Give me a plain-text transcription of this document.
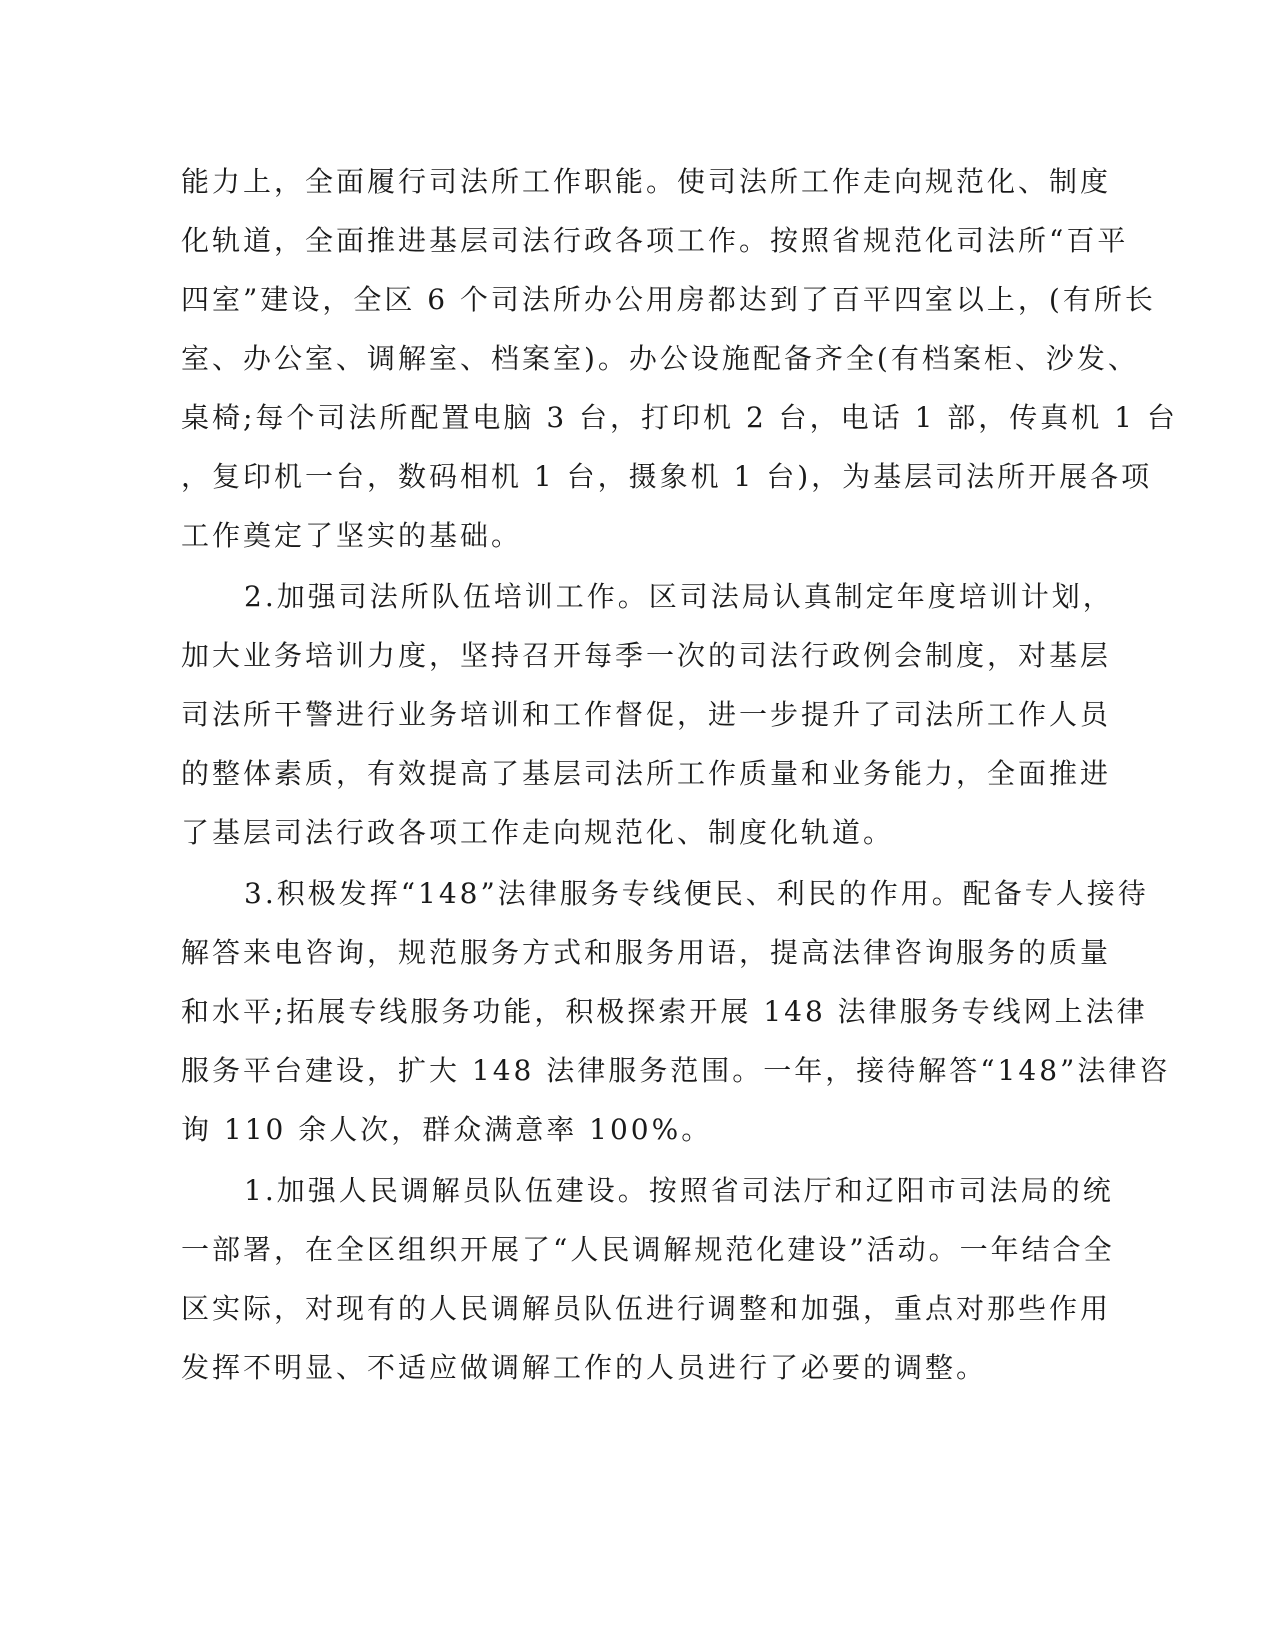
能力上，全面履行司法所工作职能。使司法所工作走向规范化、制度

化轨道，全面推进基层司法行政各项工作。按照省规范化司法所“百平

四室”建设，全区 6 个司法所办公用房都达到了百平四室以上，(有所长

室、办公室、调解室、档案室)。办公设施配备齐全(有档案柜、沙发、

桌椅;每个司法所配置电脑 3 台，打印机 2 台，电话 1 部，传真机 1 台

，复印机一台，数码相机 1 台，摄象机 1 台)，为基层司法所开展各项

工作奠定了坚实的基础。

2.加强司法所队伍培训工作。区司法局认真制定年度培训计划，

加大业务培训力度，坚持召开每季一次的司法行政例会制度，对基层

司法所干警进行业务培训和工作督促，进一步提升了司法所工作人员

的整体素质，有效提高了基层司法所工作质量和业务能力，全面推进

了基层司法行政各项工作走向规范化、制度化轨道。

3.积极发挥“148”法律服务专线便民、利民的作用。配备专人接待

解答来电咨询，规范服务方式和服务用语，提高法律咨询服务的质量

和水平;拓展专线服务功能，积极探索开展 148 法律服务专线网上法律

服务平台建设，扩大 148 法律服务范围。一年，接待解答“148”法律咨

询 110 余人次，群众满意率 100%。

1.加强人民调解员队伍建设。按照省司法厅和辽阳市司法局的统

一部署，在全区组织开展了“人民调解规范化建设”活动。一年结合全

区实际，对现有的人民调解员队伍进行调整和加强，重点对那些作用

发挥不明显、不适应做调解工作的人员进行了必要的调整。
